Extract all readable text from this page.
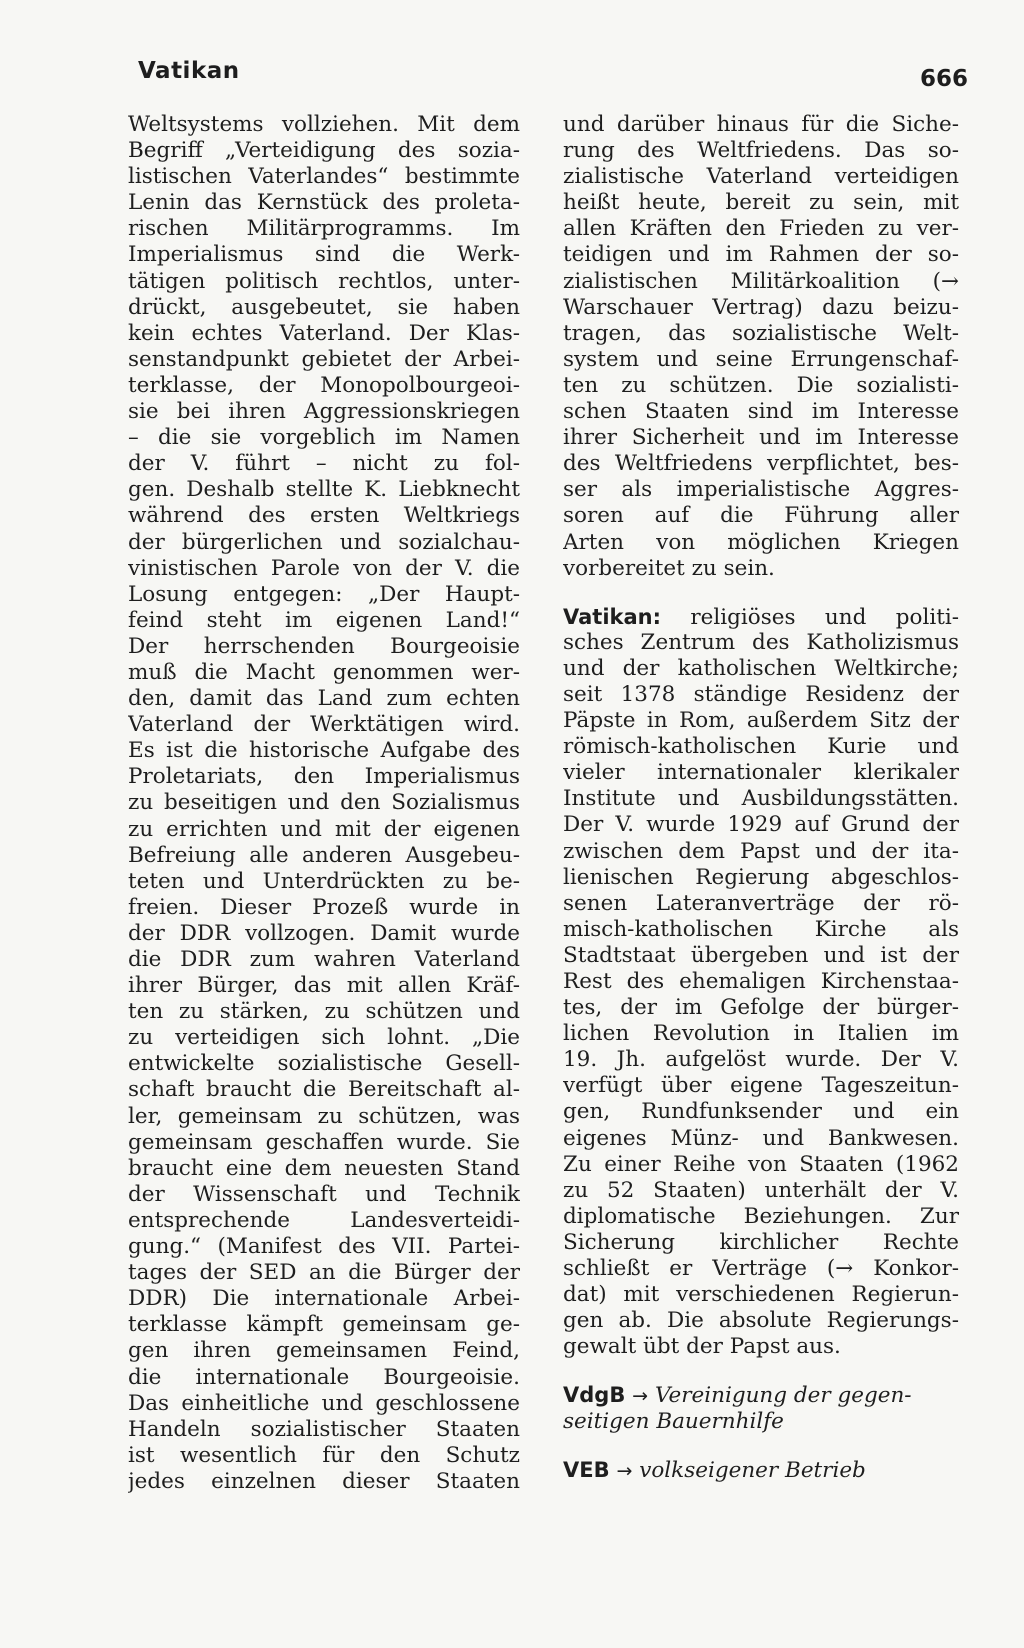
Vatikan	666
Weltsystems vollziehen. Mit dem
Begriff „Verteidigung des sozia-
listischen Vaterlandes“ bestimmte
Lenin das Kernstück des proleta-
rischen Militärprogramms. Im
Imperialismus sind die Werk-
tätigen politisch rechtlos, unter-
drückt, ausgebeutet, sie haben
kein echtes Vaterland. Der Klas-
senstandpunkt gebietet der Arbei-
terklasse, der Monopolbourgeoi-
sie bei ihren Aggressionskriegen
– die sie vorgeblich im Namen
der V. führt – nicht zu fol-
gen. Deshalb stellte K. Liebknecht
während des ersten Weltkriegs
der bürgerlichen und sozialchau-
vinistischen Parole von der V. die
Losung entgegen: „Der Haupt-
feind steht im eigenen Land!“
Der herrschenden Bourgeoisie
muß die Macht genommen wer-
den, damit das Land zum echten
Vaterland der Werktätigen wird.
Es ist die historische Aufgabe des
Proletariats, den Imperialismus
zu beseitigen und den Sozialismus
zu errichten und mit der eigenen
Befreiung alle anderen Ausgebeu-
teten und Unterdrückten zu be-
freien. Dieser Prozeß wurde in
der DDR vollzogen. Damit wurde
die DDR zum wahren Vaterland
ihrer Bürger, das mit allen Kräf-
ten zu stärken, zu schützen und
zu verteidigen sich lohnt. „Die
entwickelte sozialistische Gesell-
schaft braucht die Bereitschaft al-
ler, gemeinsam zu schützen, was
gemeinsam geschaffen wurde. Sie
braucht eine dem neuesten Stand
der Wissenschaft und Technik
entsprechende Landesverteidi-
gung.“ (Manifest des VII. Partei-
tages der SED an die Bürger der
DDR) Die internationale Arbei-
terklasse kämpft gemeinsam ge-
gen ihren gemeinsamen Feind,
die internationale Bourgeoisie.
Das einheitliche und geschlossene
Handeln sozialistischer Staaten
ist wesentlich für den Schutz
jedes einzelnen dieser Staaten
und darüber hinaus für die Siche-
rung des Weltfriedens. Das so-
zialistische Vaterland verteidigen
heißt heute, bereit zu sein, mit
allen Kräften den Frieden zu ver-
teidigen und im Rahmen der so-
zialistischen Militärkoalition (→
Warschauer Vertrag) dazu beizu-
tragen, das sozialistische Welt-
system und seine Errungenschaf-
ten zu schützen. Die sozialisti-
schen Staaten sind im Interesse
ihrer Sicherheit und im Interesse
des Weltfriedens verpflichtet, bes-
ser als imperialistische Aggres-
soren auf die Führung aller
Arten von möglichen Kriegen
vorbereitet zu sein.
Vatikan: religiöses und politi-
sches Zentrum des Katholizismus
und der katholischen Weltkirche;
seit 1378 ständige Residenz der
Päpste in Rom, außerdem Sitz der
römisch-katholischen Kurie und
vieler internationaler klerikaler
Institute und Ausbildungsstätten.
Der V. wurde 1929 auf Grund der
zwischen dem Papst und der ita-
lienischen Regierung abgeschlos-
senen Lateranverträge der rö-
misch-katholischen Kirche als
Stadtstaat übergeben und ist der
Rest des ehemaligen Kirchenstaa-
tes, der im Gefolge der bürger-
lichen Revolution in Italien im
19. Jh. aufgelöst wurde. Der V.
verfügt über eigene Tageszeitun-
gen, Rundfunksender und ein
eigenes Münz- und Bankwesen.
Zu einer Reihe von Staaten (1962
zu 52 Staaten) unterhält der V.
diplomatische Beziehungen. Zur
Sicherung kirchlicher Rechte
schließt er Verträge (→ Konkor-
dat) mit verschiedenen Regierun-
gen ab. Die absolute Regierungs-
gewalt übt der Papst aus.
VdgB → Vereinigung der gegen-
seitigen Bauernhilfe
VEB → volkseigener Betrieb
